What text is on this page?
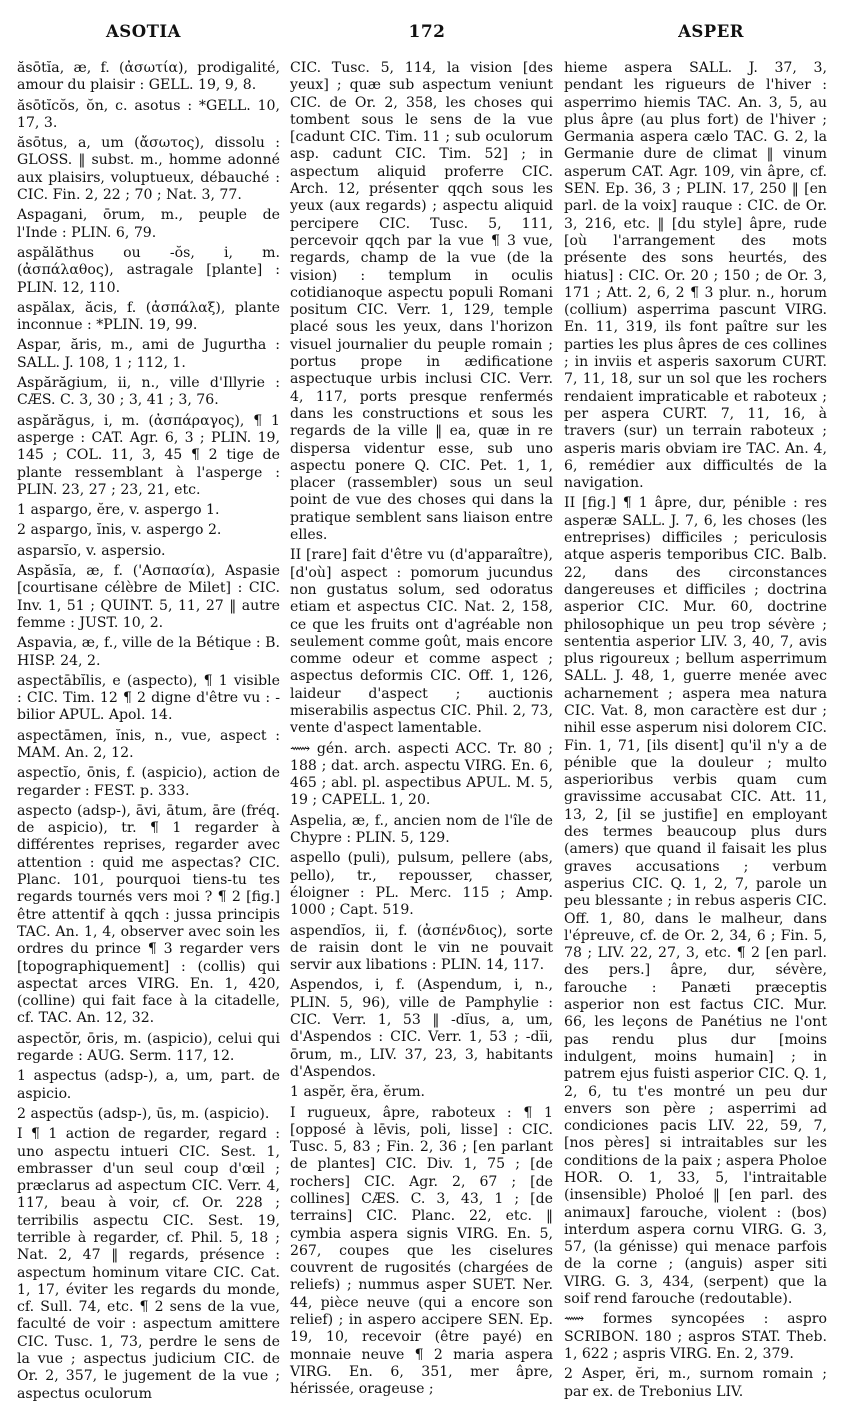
ASOTIA	172	ASPER

ăsōtĭa, æ, f. (ἀσωτία), prodigalité, amour du plaisir : GELL. 19, 9, 8.

ăsōtĭcŏs, ŏn, c. asotus : *GELL. 10, 17, 3.

ăsōtus, a, um (ἄσωτος), dissolu : GLOSS. ‖ subst. m., homme adonné aux plaisirs, voluptueux, débauché : CIC. Fin. 2, 22 ; 70 ; Nat. 3, 77.

Aspagani, ōrum, m., peuple de l'Inde : PLIN. 6, 79.

aspălăthus ou -ŏs, i, m. (ἀσπάλαθος), astragale [plante] : PLIN. 12, 110.

aspălax, ăcis, f. (ἀσπάλαξ), plante inconnue : *PLIN. 19, 99.

Aspar, ăris, m., ami de Jugurtha : SALL. J. 108, 1 ; 112, 1.

Aspărăgium, ii, n., ville d'Illyrie : CÆS. C. 3, 30 ; 3, 41 ; 3, 76.

aspărăgus, i, m. (ἀσπάραγος), ¶ 1 asperge : CAT. Agr. 6, 3 ; PLIN. 19, 145 ; COL. 11, 3, 45 ¶ 2 tige de plante ressemblant à l'asperge : PLIN. 23, 27 ; 23, 21, etc.

1 aspargo, ĕre, v. aspergo 1.

2 aspargo, ĭnis, v. aspergo 2.

asparsĭo, v. aspersio.

Aspăsĭa, æ, f. ('Ασπασία), Aspasie [courtisane célèbre de Milet] : CIC. Inv. 1, 51 ; QUINT. 5, 11, 27 ‖ autre femme : JUST. 10, 2.

Aspavia, æ, f., ville de la Bétique : B. HISP. 24, 2.

aspectābĭlis, e (aspecto), ¶ 1 visible : CIC. Tim. 12 ¶ 2 digne d'être vu : -bilior APUL. Apol. 14.

aspectāmen, ĭnis, n., vue, aspect : MAM. An. 2, 12.

aspectĭo, ōnis, f. (aspicio), action de regarder : FEST. p. 333.

aspecto (adsp-), āvi, ātum, āre (fréq. de aspicio), tr. ¶ 1 regarder à différentes reprises, regarder avec attention : quid me aspectas? CIC. Planc. 101, pourquoi tiens-tu tes regards tournés vers moi ? ¶ 2 [fig.] être attentif à qqch : jussa principis TAC. An. 1, 4, observer avec soin les ordres du prince ¶ 3 regarder vers [topographiquement] : (collis) qui aspectat arces VIRG. En. 1, 420, (colline) qui fait face à la citadelle, cf. TAC. An. 12, 32.

aspectŏr, ōris, m. (aspicio), celui qui regarde : AUG. Serm. 117, 12.

1 aspectus (adsp-), a, um, part. de aspicio.

2 aspectŭs (adsp-), ūs, m. (aspicio).

I ¶ 1 action de regarder, regard : uno aspectu intueri CIC. Sest. 1, embrasser d'un seul coup d'œil ; præclarus ad aspectum CIC. Verr. 4, 117, beau à voir, cf. Or. 228 ; terribilis aspectu CIC. Sest. 19, terrible à regarder, cf. Phil. 5, 18 ; Nat. 2, 47 ‖ regards, présence : aspectum hominum vitare CIC. Cat. 1, 17, éviter les regards du monde, cf. Sull. 74, etc. ¶ 2 sens de la vue, faculté de voir : aspectum amittere CIC. Tusc. 1, 73, perdre le sens de la vue ; aspectus judicium CIC. de Or. 2, 357, le jugement de la vue ; aspectus oculorum

CIC. Tusc. 5, 114, la vision [des yeux] ; quæ sub aspectum veniunt CIC. de Or. 2, 358, les choses qui tombent sous le sens de la vue [cadunt CIC. Tim. 11 ; sub oculorum asp. cadunt CIC. Tim. 52] ; in aspectum aliquid proferre CIC. Arch. 12, présenter qqch sous les yeux (aux regards) ; aspectu aliquid percipere CIC. Tusc. 5, 111, percevoir qqch par la vue ¶ 3 vue, regards, champ de la vue (de la vision) : templum in oculis cotidianoque aspectu populi Romani positum CIC. Verr. 1, 129, temple placé sous les yeux, dans l'horizon visuel journalier du peuple romain ; portus prope in ædificatione aspectuque urbis inclusi CIC. Verr. 4, 117, ports presque renfermés dans les constructions et sous les regards de la ville ‖ ea, quæ in re dispersa videntur esse, sub uno aspectu ponere Q. CIC. Pet. 1, 1, placer (rassembler) sous un seul point de vue des choses qui dans la pratique semblent sans liaison entre elles.

II [rare] fait d'être vu (d'apparaître), [d'où] aspect : pomorum jucundus non gustatus solum, sed odoratus etiam et aspectus CIC. Nat. 2, 158, ce que les fruits ont d'agréable non seulement comme goût, mais encore comme odeur et comme aspect ; aspectus deformis CIC. Off. 1, 126, laideur d'aspect ; auctionis miserabilis aspectus CIC. Phil. 2, 73, vente d'aspect lamentable.

⟿ gén. arch. aspecti ACC. Tr. 80 ; 188 ; dat. arch. aspectu VIRG. En. 6, 465 ; abl. pl. aspectibus APUL. M. 5, 19 ; CAPELL. 1, 20.

Aspelia, æ, f., ancien nom de l'île de Chypre : PLIN. 5, 129.

aspello (puli), pulsum, pellere (abs, pello), tr., repousser, chasser, éloigner : PL. Merc. 115 ; Amp. 1000 ; Capt. 519.

aspendĭos, ii, f. (ἀσπένδιος), sorte de raisin dont le vin ne pouvait servir aux libations : PLIN. 14, 117.

Aspendos, i, f. (Aspendum, i, n., PLIN. 5, 96), ville de Pamphylie : CIC. Verr. 1, 53 ‖ -dĭus, a, um, d'Aspendos : CIC. Verr. 1, 53 ; -dĭi, ōrum, m., LIV. 37, 23, 3, habitants d'Aspendos.

1 aspĕr, ĕra, ĕrum.

I rugueux, âpre, raboteux : ¶ 1 [opposé à lēvis, poli, lisse] : CIC. Tusc. 5, 83 ; Fin. 2, 36 ; [en parlant de plantes] CIC. Div. 1, 75 ; [de rochers] CIC. Agr. 2, 67 ; [de collines] CÆS. C. 3, 43, 1 ; [de terrains] CIC. Planc. 22, etc. ‖ cymbia aspera signis VIRG. En. 5, 267, coupes que les ciselures couvrent de rugosités (chargées de reliefs) ; nummus asper SUET. Ner. 44, pièce neuve (qui a encore son relief) ; in aspero accipere SEN. Ep. 19, 10, recevoir (être payé) en monnaie neuve ¶ 2 maria aspera VIRG. En. 6, 351, mer âpre, hérissée, orageuse ;

hieme aspera SALL. J. 37, 3, pendant les rigueurs de l'hiver : asperrimo hiemis TAC. An. 3, 5, au plus âpre (au plus fort) de l'hiver ; Germania aspera cælo TAC. G. 2, la Germanie dure de climat ‖ vinum asperum CAT. Agr. 109, vin âpre, cf. SEN. Ep. 36, 3 ; PLIN. 17, 250 ‖ [en parl. de la voix] rauque : CIC. de Or. 3, 216, etc. ‖ [du style] âpre, rude [où l'arrangement des mots présente des sons heurtés, des hiatus] : CIC. Or. 20 ; 150 ; de Or. 3, 171 ; Att. 2, 6, 2 ¶ 3 plur. n., horum (collium) asperrima pascunt VIRG. En. 11, 319, ils font paître sur les parties les plus âpres de ces collines ; in inviis et asperis saxorum CURT. 7, 11, 18, sur un sol que les rochers rendaient impraticable et raboteux ; per aspera CURT. 7, 11, 16, à travers (sur) un terrain raboteux ; asperis maris obviam ire TAC. An. 4, 6, remédier aux difficultés de la navigation.

II [fig.] ¶ 1 âpre, dur, pénible : res asperæ SALL. J. 7, 6, les choses (les entreprises) difficiles ; periculosis atque asperis temporibus CIC. Balb. 22, dans des circonstances dangereuses et difficiles ; doctrina asperior CIC. Mur. 60, doctrine philosophique un peu trop sévère ; sententia asperior LIV. 3, 40, 7, avis plus rigoureux ; bellum asperrimum SALL. J. 48, 1, guerre menée avec acharnement ; aspera mea natura CIC. Vat. 8, mon caractère est dur ; nihil esse asperum nisi dolorem CIC. Fin. 1, 71, [ils disent] qu'il n'y a de pénible que la douleur ; multo asperioribus verbis quam cum gravissime accusabat CIC. Att. 11, 13, 2, [il se justifie] en employant des termes beaucoup plus durs (amers) que quand il faisait les plus graves accusations ; verbum asperius CIC. Q. 1, 2, 7, parole un peu blessante ; in rebus asperis CIC. Off. 1, 80, dans le malheur, dans l'épreuve, cf. de Or. 2, 34, 6 ; Fin. 5, 78 ; LIV. 22, 27, 3, etc. ¶ 2 [en parl. des pers.] âpre, dur, sévère, farouche : Panæti præceptis asperior non est factus CIC. Mur. 66, les leçons de Panétius ne l'ont pas rendu plus dur [moins indulgent, moins humain] ; in patrem ejus fuisti asperior CIC. Q. 1, 2, 6, tu t'es montré un peu dur envers son père ; asperrimi ad condiciones pacis LIV. 22, 59, 7, [nos pères] si intraitables sur les conditions de la paix ; aspera Pholoe HOR. O. 1, 33, 5, l'intraitable (insensible) Pholoé ‖ [en parl. des animaux] farouche, violent : (bos) interdum aspera cornu VIRG. G. 3, 57, (la génisse) qui menace parfois de la corne ; (anguis) asper siti VIRG. G. 3, 434, (serpent) que la soif rend farouche (redoutable).

⟿ formes syncopées : aspro SCRIBON. 180 ; aspros STAT. Theb. 1, 622 ; aspris VIRG. En. 2, 379.

2 Asper, ĕri, m., surnom romain ; par ex. de Trebonius LIV.
